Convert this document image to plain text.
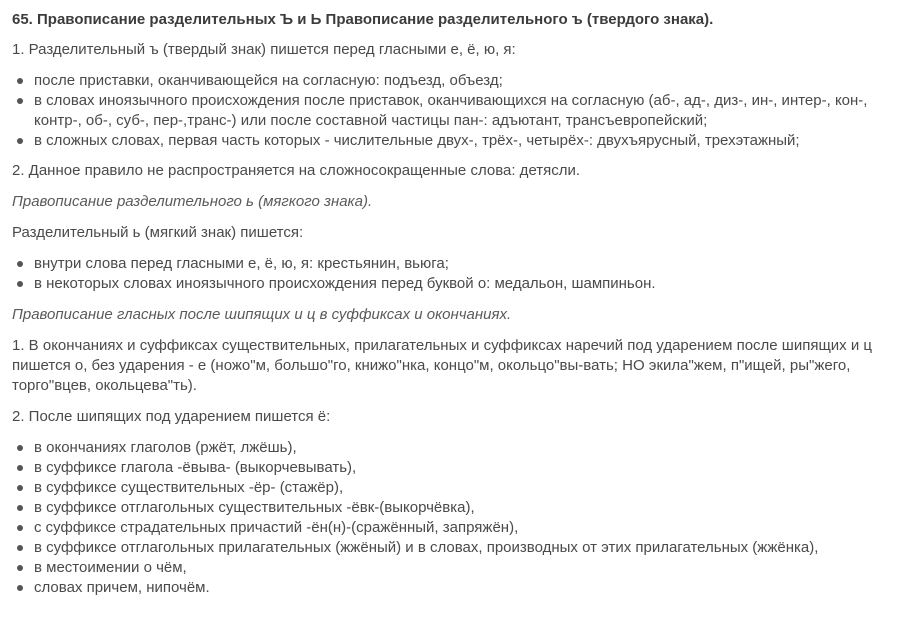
65. Правописание разделительных Ъ и Ь Правописание разделительного ъ (твердого знака).

1. Разделительный ъ (твердый знак) пишется перед гласными е, ё, ю, я:

после приставки, оканчивающейся на согласную: подъезд, объезд;
в словах иноязычного происхождения после приставок, оканчивающихся на согласную (аб-, ад-, диз-, ин-, интер-, кон-, контр-, об-, суб-, пер-,транс-) или после составной частицы пан-: адъютант, трансъевропейский;
в сложных словах, первая часть которых - числительные двух-, трёх-, четырёх-: двухъярусный, трехэтажный;

2. Данное правило не распространяется на сложносокращенные слова: детясли.

Правописание разделительного ь (мягкого знака).

Разделительный ь (мягкий знак) пишется:

внутри слова перед гласными е, ё, ю, я: крестьянин, вьюга;
в некоторых словах иноязычного происхождения перед буквой о: медальон, шампиньон.

Правописание гласных после шипящих и ц в суффиксах и окончаниях.

1. В окончаниях и суффиксах существительных, прилагательных и суффиксах наречий под ударением после шипящих и ц пишется о, без ударения - е (ножо"м, большо"го, книжо"нка, концо"м, окольцо"вы-вать; НО экила"жем, п"ищей, ры"жего, торго"вцев, окольцева"ть).

2. После шипящих под ударением пишется ё:

в окончаниях глаголов (ржёт, лжёшь),
в суффиксе глагола -ёвыва- (выкорчевывать),
в суффиксе существительных -ёр- (стажёр),
в суффиксе отглагольных существительных -ёвк-(выкорчёвка),
с суффиксе страдательных причастий -ён(н)-(сражённый, запряжён),
в суффиксе отглагольных прилагательных (жжёный) и в словах, производных от этих прилагательных (жжёнка),
в местоимении о чём,
словах причем, нипочём.
